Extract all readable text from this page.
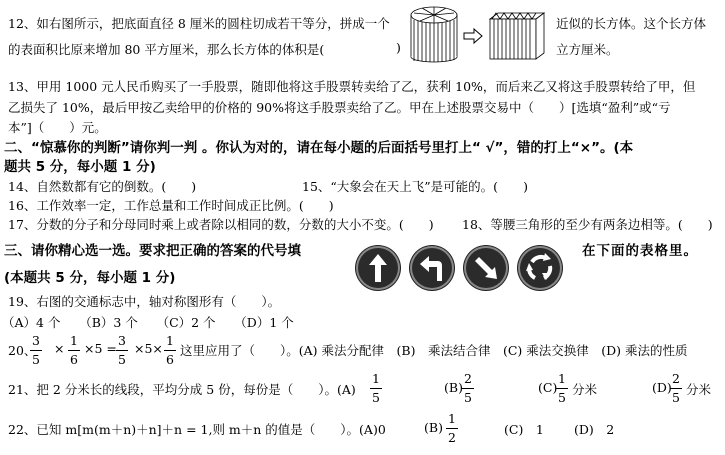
12、如右图所示，把底面直径 8 厘米的圆柱切成若干等分，拼成一个	近似的长方体。这个长方体
的表面积比原来增加 80 平方厘米，那么长方体的体积是(	)	立方厘米。
13、甲用 1000 元人民币购买了一手股票，随即他将这手股票转卖给了乙，获利 10%，而后来乙又将这手股票转给了甲，但
乙损失了 10%，最后甲按乙卖给甲的价格的 90%将这手股票卖给了乙。甲在上述股票交易中（　　）[选填“盈利”或“亏
本”]（　　）元。
二、“惊慕你的判断”请你判一判 。你认为对的，请在每小题的后面括号里打上“ √”，错的打上“×”。(本
题共 5 分，每小题 1 分)
14、自然数都有它的倒数。(　　)	15、“大象会在天上飞”是可能的。(　　)
16、工作效率一定，工作总量和工作时间成正比例。(　　)
17、分数的分子和分母同时乘上或者除以相同的数，分数的大小不变。(　　) 18、等腰三角形的至少有两条边相等。(　　)
三、请你精心选一选。要求把正确的答案的代号填	在下面的表格里。
(本题共 5 分，每小题 1 分)
19、右图的交通标志中，轴对称图形有（　　）。
（A）4 个　　（B）3 个　　（C）2 个　　（D）1 个
20、
$\frac{3}{5} \times \frac{1}{6} \times 5 = \frac{3}{5} \times 5\times \frac{1}{6}$ 这里应用了（　　）。(A) 乘法分配律　(B)　乘法结合律　(C) 乘法交换律　(D) 乘法的性质
21、把 2 分米长的线段，平均分成 5 份，每份是（　　）。$(A) \frac{1}{5}$	$(B) \frac{2}{5}$	(C)
$\frac{1}{5}$ 分米	(D)
$\frac{2}{5}$ 分米
22、已知 m[m(m＋n)＋n]＋n = 1,则 m＋n 的值是（　　）。(A)0	$(B) \frac{1}{2}$	(C)　1 (D)　2
